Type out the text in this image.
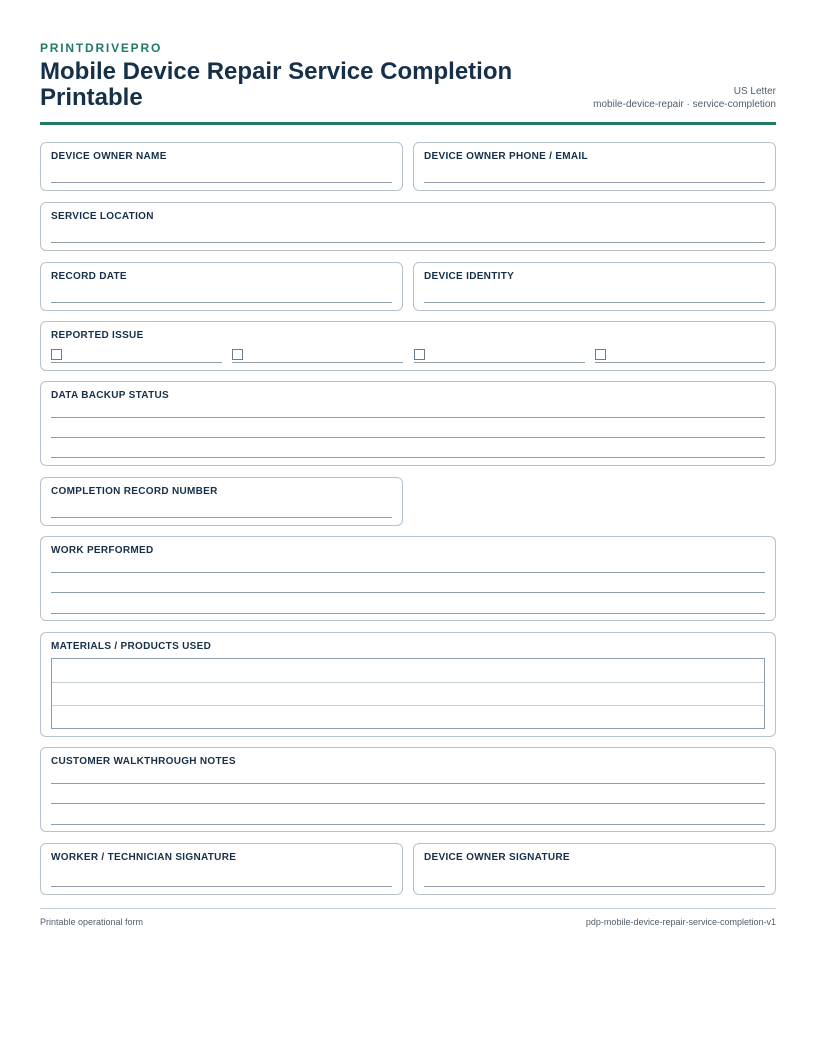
PRINTDRIVEPRO
Mobile Device Repair Service Completion Printable	US Letter
mobile-device-repair · service-completion
DEVICE OWNER NAME	DEVICE OWNER PHONE / EMAIL
SERVICE LOCATION
RECORD DATE	DEVICE IDENTITY
REPORTED ISSUE
DATA BACKUP STATUS
COMPLETION RECORD NUMBER
WORK PERFORMED
MATERIALS / PRODUCTS USED
CUSTOMER WALKTHROUGH NOTES
WORKER / TECHNICIAN SIGNATURE	DEVICE OWNER SIGNATURE
Printable operational form	pdp-mobile-device-repair-service-completion-v1
